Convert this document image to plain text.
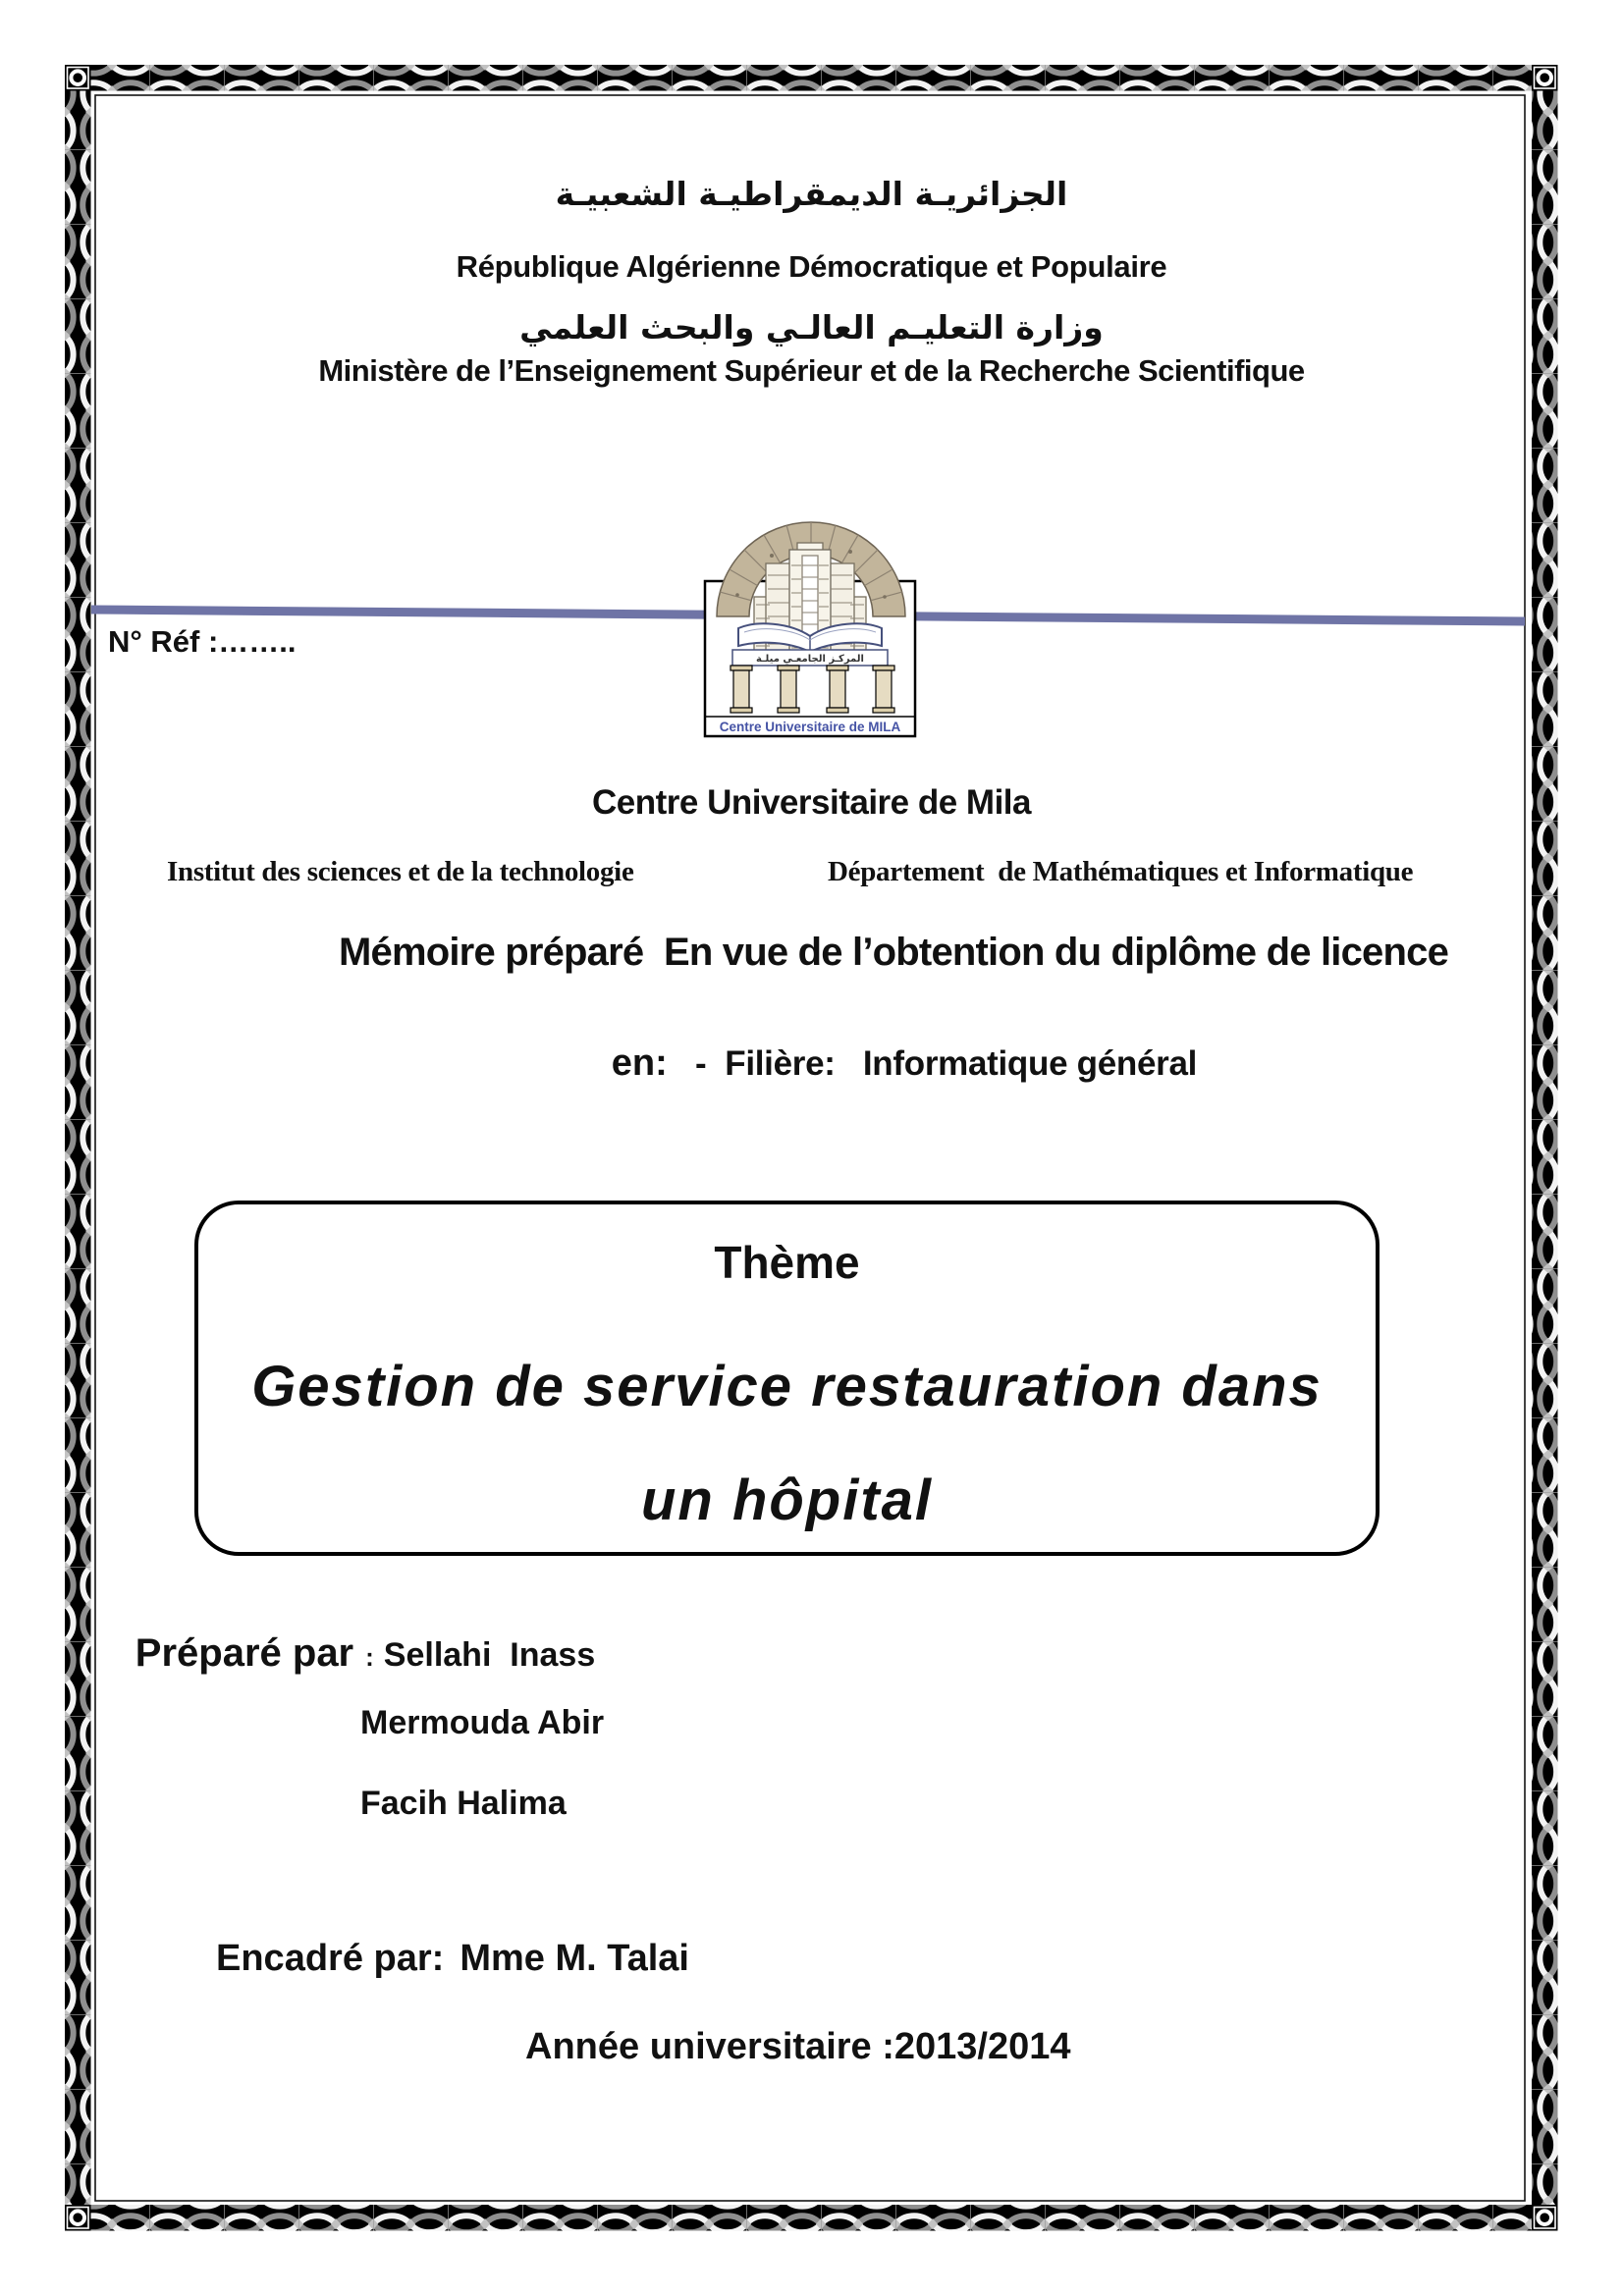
الجزائريـة الديمقراطيـة الشعبيـة
République Algérienne Démocratique et Populaire
وزارة التعليـم العالـي والبحث العلمي
Ministère de l’Enseignement Supérieur et de la Recherche Scientifique
N° Réf :……..
المركـز الجامعـي ميلـة
Centre Universitaire de MILA
Centre Universitaire de Mila
Institut des sciences et de la technologie	Département  de Mathématiques et Informatique
Mémoire préparé  En vue de l’obtention du diplôme de licence

en:   -  Filière:   Informatique général

Thème
Gestion de service restauration dans
un hôpital

Préparé par : Sellahi  Inass

Mermouda Abir
Facih Halima
Encadré par: Mme M. Talai
Année universitaire :2013/2014
